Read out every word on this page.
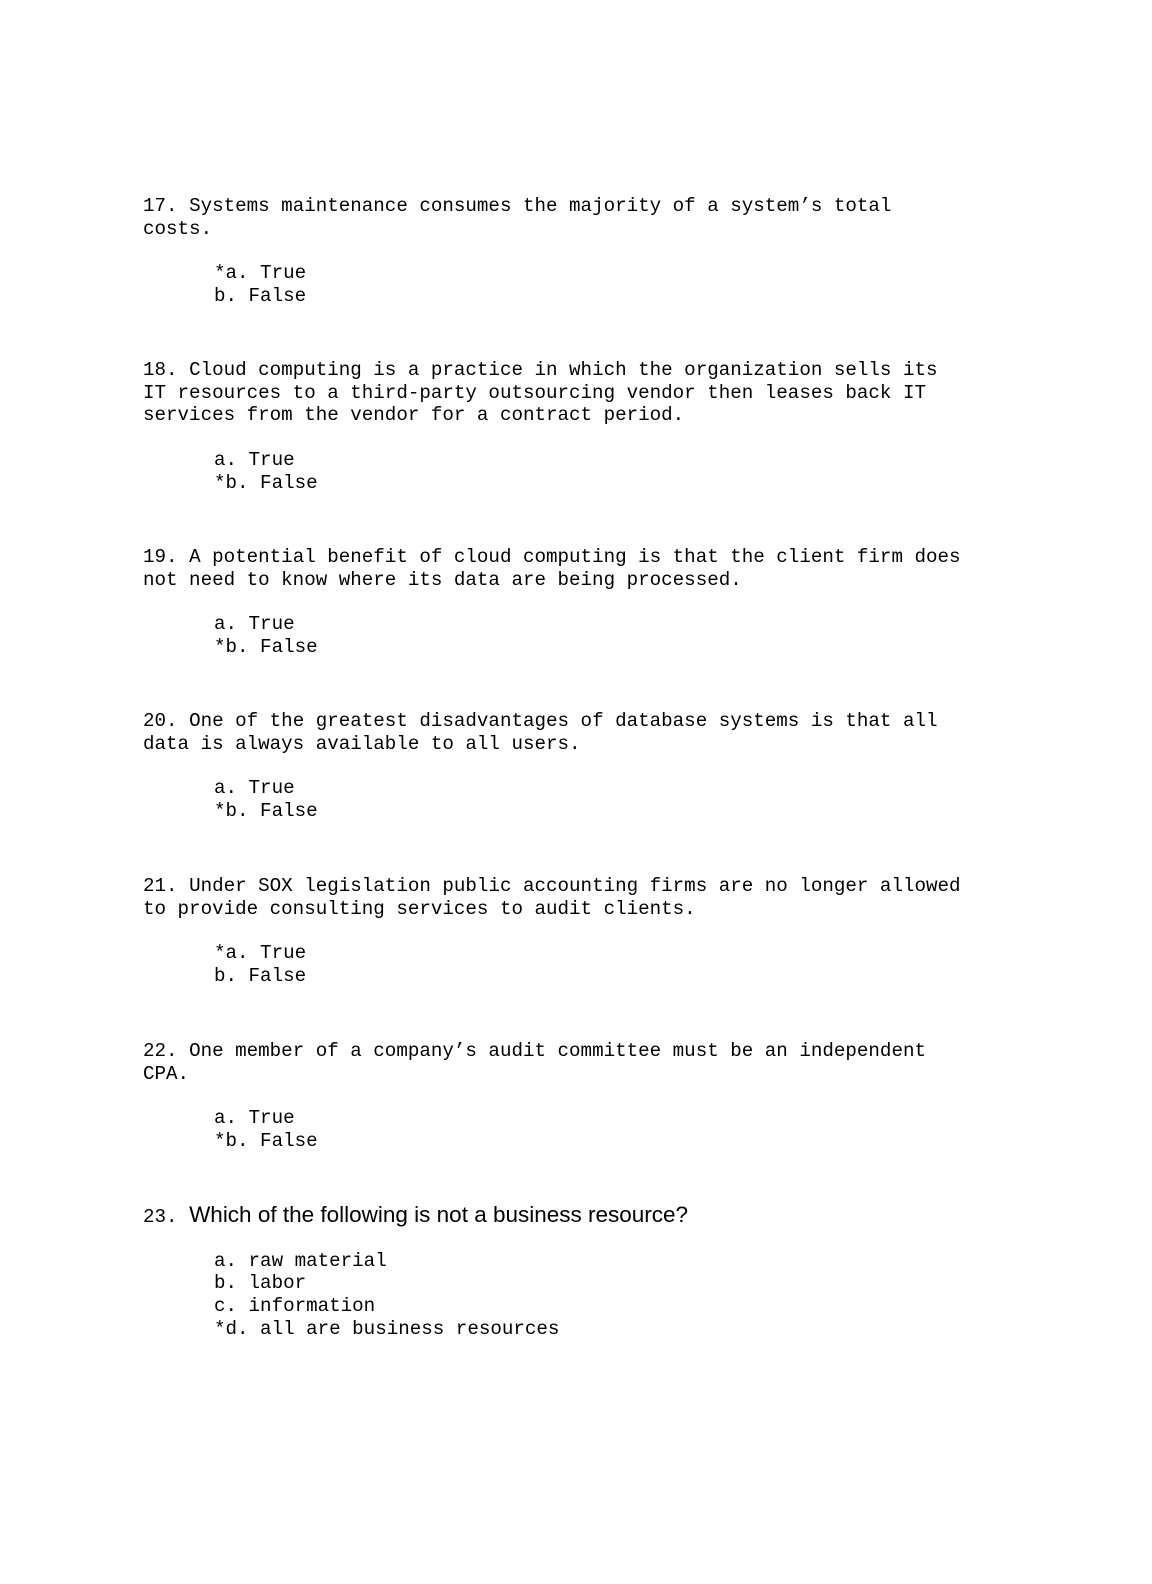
17. Systems maintenance consumes the majority of a system’s total
costs.

*a. True
b. False

18. Cloud computing is a practice in which the organization sells its
IT resources to a third-party outsourcing vendor then leases back IT
services from the vendor for a contract period.

a. True
*b. False

19. A potential benefit of cloud computing is that the client firm does
not need to know where its data are being processed.

a. True
*b. False

20. One of the greatest disadvantages of database systems is that all
data is always available to all users.

a. True
*b. False

21. Under SOX legislation public accounting firms are no longer allowed
to provide consulting services to audit clients.

*a. True
b. False

22. One member of a company’s audit committee must be an independent
CPA.

a. True
*b. False

23. Which of the following is not a business resource?

a. raw material
b. labor
c. information
*d. all are business resources
